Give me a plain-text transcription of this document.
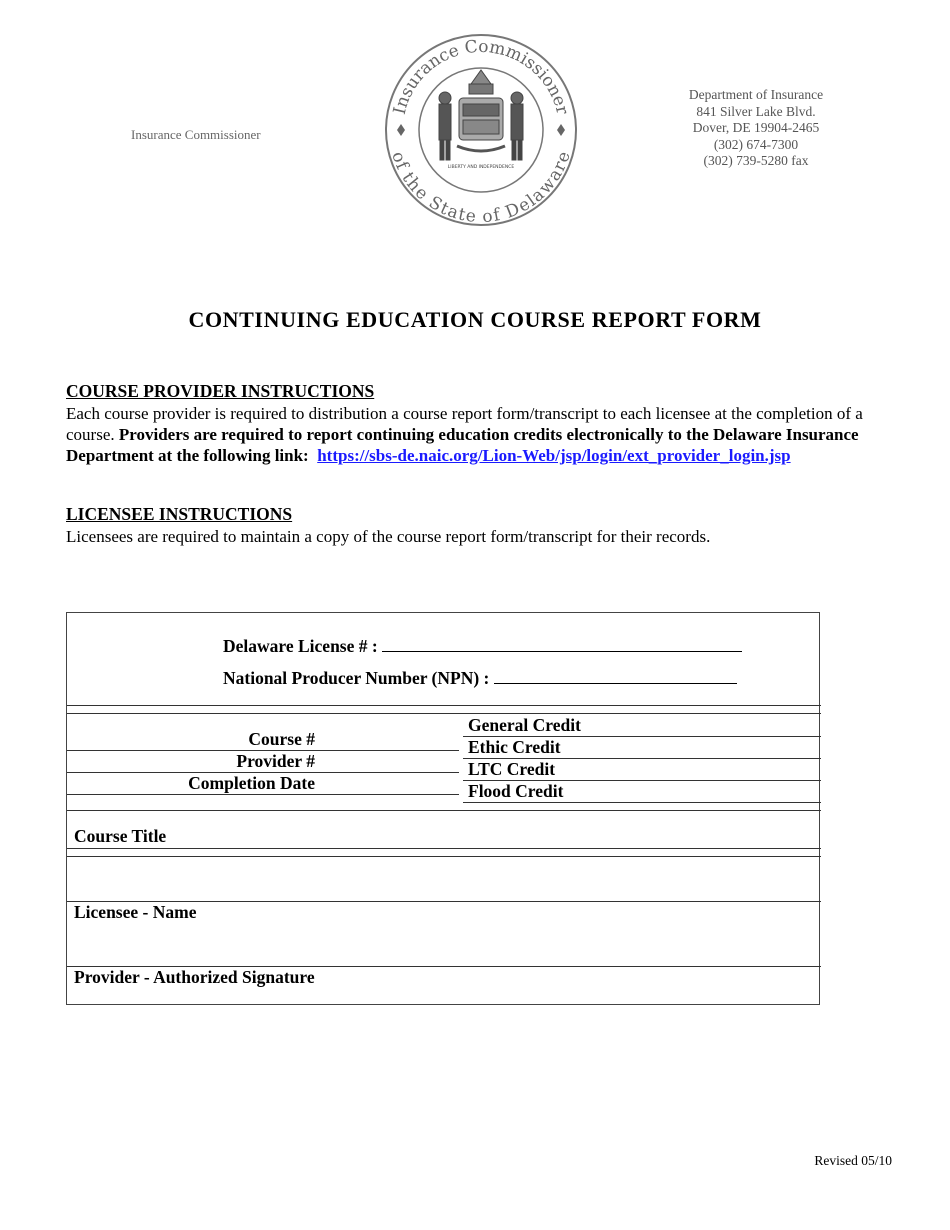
Insurance Commissioner
Insurance Commissioner
of the State of Delaware
LIBERTY AND INDEPENDENCE
Department of Insurance
841 Silver Lake Blvd.
Dover, DE 19904-2465
(302) 674-7300
(302) 739-5280 fax
CONTINUING EDUCATION COURSE REPORT FORM
COURSE PROVIDER INSTRUCTIONS
Each course provider is required to distribution a course report form/transcript to each licensee at the completion of a course. Providers are required to report continuing education credits electronically to the Delaware Insurance Department at the following link: https://sbs-de.naic.org/Lion-Web/jsp/login/ext_provider_login.jsp
LICENSEE INSTRUCTIONS
Licensees are required to maintain a copy of the course report form/transcript for their records.
Delaware License # :
National Producer Number (NPN) :
Course #
Provider #
Completion Date
General Credit
Ethic Credit
LTC Credit
Flood Credit
Course Title
Licensee - Name
Provider - Authorized Signature
Revised 05/10
